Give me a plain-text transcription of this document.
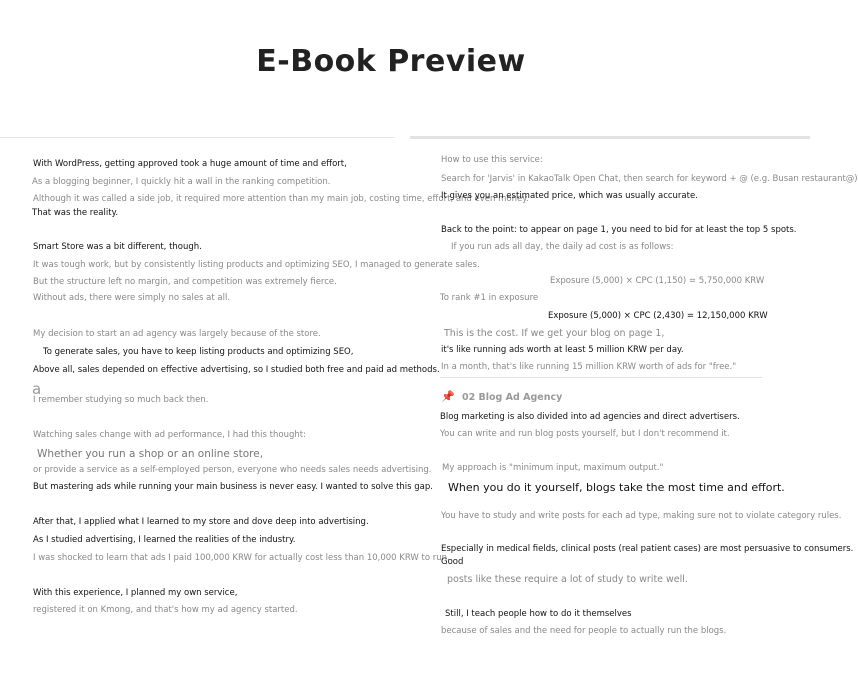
E-Book Preview
With WordPress, getting approved took a huge amount of time and effort,
As a blogging beginner, I quickly hit a wall in the ranking competition.
Although it was called a side job, it required more attention than my main job, costing time, effort, and even money.
That was the reality.
Smart Store was a bit different, though.
It was tough work, but by consistently listing products and optimizing SEO, I managed to generate sales.
But the structure left no margin, and competition was extremely fierce.
Without ads, there were simply no sales at all.
My decision to start an ad agency was largely because of the store.
To generate sales, you have to keep listing products and optimizing SEO,
Above all, sales depended on effective advertising, so I studied both free and paid ad methods.
a
I remember studying so much back then.
Watching sales change with ad performance, I had this thought:
Whether you run a shop or an online store,
or provide a service as a self-employed person, everyone who needs sales needs advertising.
But mastering ads while running your main business is never easy. I wanted to solve this gap.
After that, I applied what I learned to my store and dove deep into advertising.
As I studied advertising, I learned the realities of the industry.
I was shocked to learn that ads I paid 100,000 KRW for actually cost less than 10,000 KRW to run.
With this experience, I planned my own service,
registered it on Kmong, and that's how my ad agency started.
How to use this service:
Search for 'Jarvis' in KakaoTalk Open Chat, then search for keyword + @ (e.g. Busan restaurant@)
It gives you an estimated price, which was usually accurate.
Back to the point: to appear on page 1, you need to bid for at least the top 5 spots.
If you run ads all day, the daily ad cost is as follows:
Exposure (5,000) × CPC (1,150) = 5,750,000 KRW
To rank #1 in exposure
Exposure (5,000) × CPC (2,430) = 12,150,000 KRW
This is the cost. If we get your blog on page 1,
it's like running ads worth at least 5 million KRW per day.
In a month, that's like running 15 million KRW worth of ads for "free."
📌 02 Blog Ad Agency
Blog marketing is also divided into ad agencies and direct advertisers.
You can write and run blog posts yourself, but I don't recommend it.
My approach is "minimum input, maximum output."
When you do it yourself, blogs take the most time and effort.
You have to study and write posts for each ad type, making sure not to violate category rules.
Especially in medical fields, clinical posts (real patient cases) are most persuasive to consumers.
Good
posts like these require a lot of study to write well.
Still, I teach people how to do it themselves
because of sales and the need for people to actually run the blogs.
